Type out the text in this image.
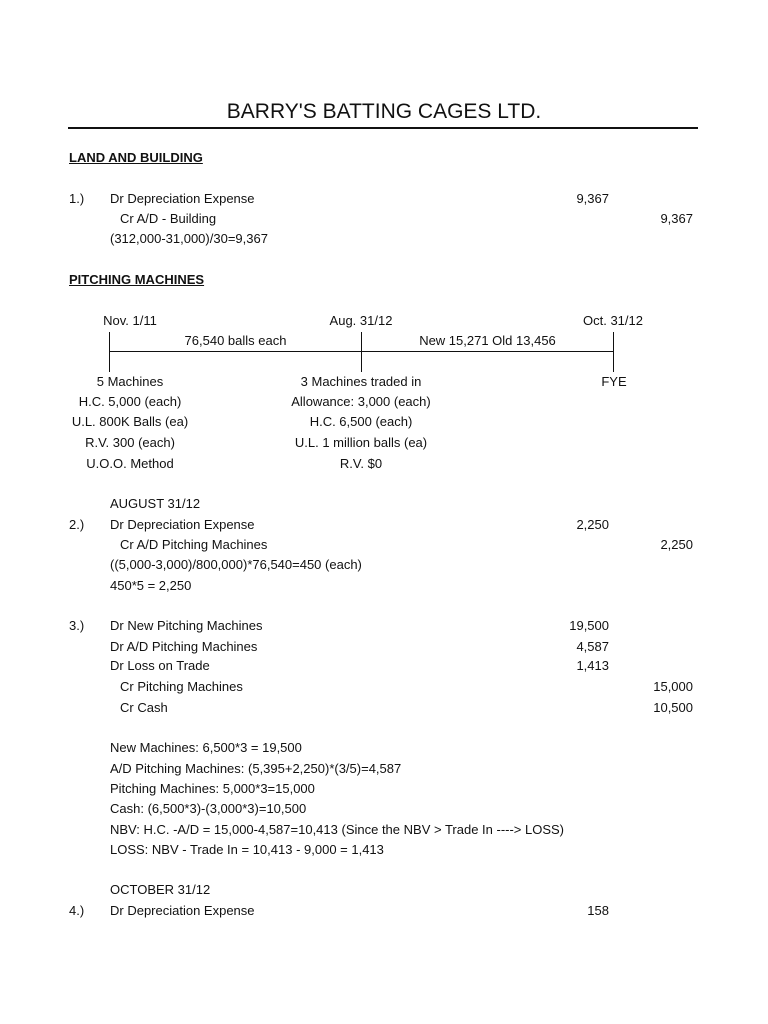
BARRY'S BATTING CAGES LTD.
LAND AND BUILDING
1.) Dr Depreciation Expense	9,367
Cr A/D - Building	9,367
(312,000-31,000)/30=9,367
PITCHING MACHINES
Nov. 1/11	Aug. 31/12	Oct. 31/12
76,540 balls each	New 15,271 Old 13,456
5 Machines
H.C. 5,000 (each)
U.L. 800K Balls (ea)
R.V. 300 (each)
U.O.O. Method
3 Machines traded in
Allowance: 3,000 (each)
H.C. 6,500 (each)
U.L. 1 million balls (ea)
R.V. $0
FYE
AUGUST 31/12
2.) Dr Depreciation Expense	2,250
Cr A/D Pitching Machines	2,250
((5,000-3,000)/800,000)*76,540=450 (each)
450*5 = 2,250
3.) Dr New Pitching Machines	19,500
Dr A/D Pitching Machines	4,587
Dr Loss on Trade	1,413
Cr Pitching Machines	15,000
Cr Cash	10,500
New Machines: 6,500*3 = 19,500
A/D Pitching Machines: (5,395+2,250)*(3/5)=4,587
Pitching Machines: 5,000*3=15,000
Cash: (6,500*3)-(3,000*3)=10,500
NBV: H.C. -A/D = 15,000-4,587=10,413 (Since the NBV > Trade In ----> LOSS)
LOSS: NBV - Trade In = 10,413 - 9,000 = 1,413
OCTOBER 31/12
4.) Dr Depreciation Expense	158
